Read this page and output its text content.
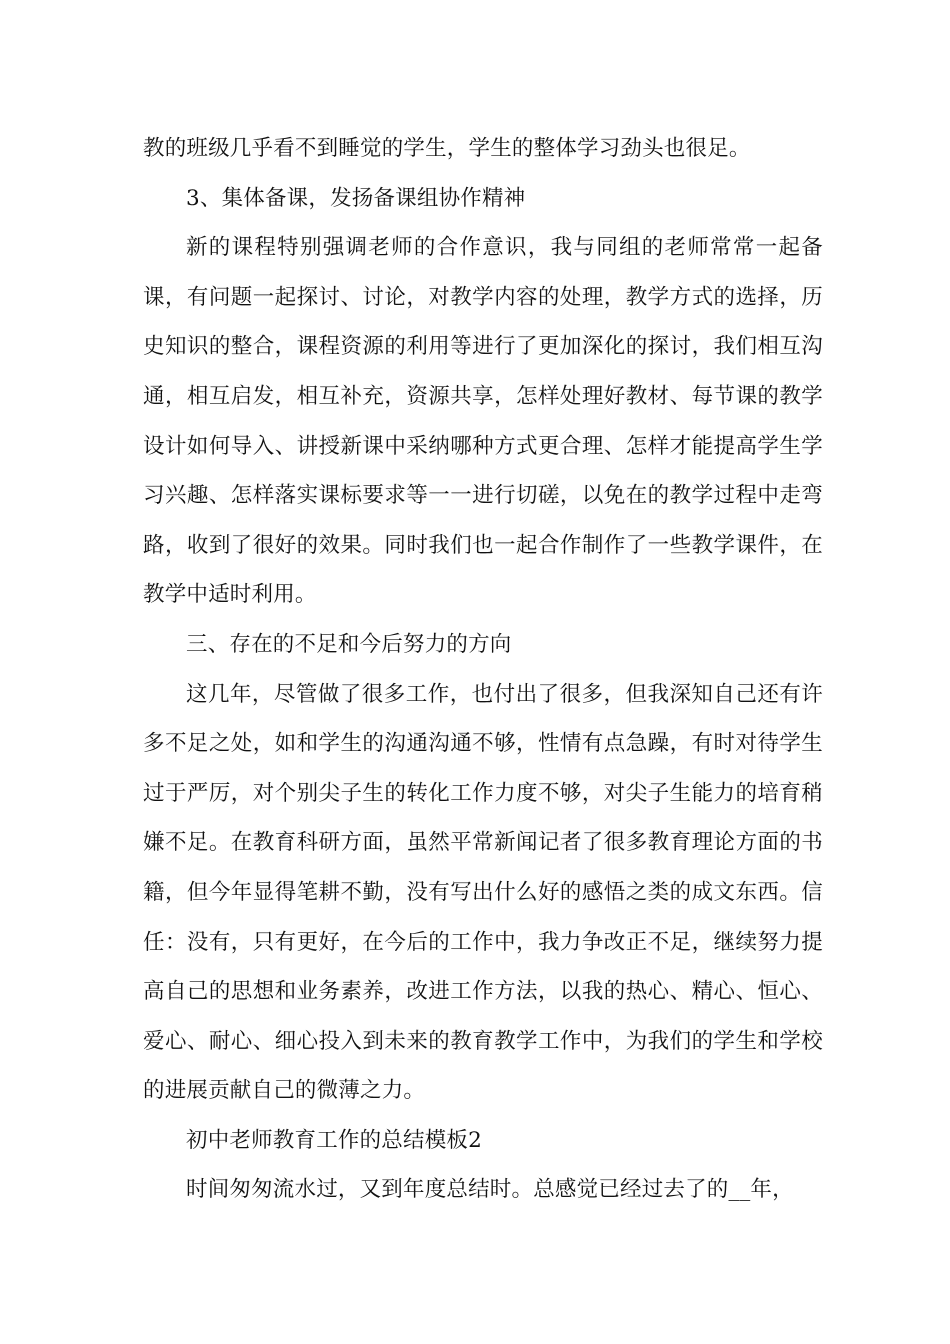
教的班级几乎看不到睡觉的学生，学生的整体学习劲头也很足。

3、集体备课，发扬备课组协作精神

新的课程特别强调老师的合作意识，我与同组的老师常常一起备课，有问题一起探讨、讨论，对教学内容的处理，教学方式的选择，历史知识的整合，课程资源的利用等进行了更加深化的探讨，我们相互沟通，相互启发，相互补充，资源共享，怎样处理好教材、每节课的教学设计如何导入、讲授新课中采纳哪种方式更合理、怎样才能提高学生学习兴趣、怎样落实课标要求等一一进行切磋，以免在的教学过程中走弯路，收到了很好的效果。同时我们也一起合作制作了一些教学课件，在教学中适时利用。

三、存在的不足和今后努力的方向

这几年，尽管做了很多工作，也付出了很多，但我深知自己还有许多不足之处，如和学生的沟通沟通不够，性情有点急躁，有时对待学生过于严厉，对个别尖子生的转化工作力度不够，对尖子生能力的培育稍嫌不足。在教育科研方面，虽然平常新闻记者了很多教育理论方面的书籍，但今年显得笔耕不勤，没有写出什么好的感悟之类的成文东西。信任：没有，只有更好，在今后的工作中，我力争改正不足，继续努力提高自己的思想和业务素养，改进工作方法，以我的热心、精心、恒心、爱心、耐心、细心投入到未来的教育教学工作中，为我们的学生和学校的进展贡献自己的微薄之力。

初中老师教育工作的总结模板2

时间匆匆流水过，又到年度总结时。总感觉已经过去了的__年，
